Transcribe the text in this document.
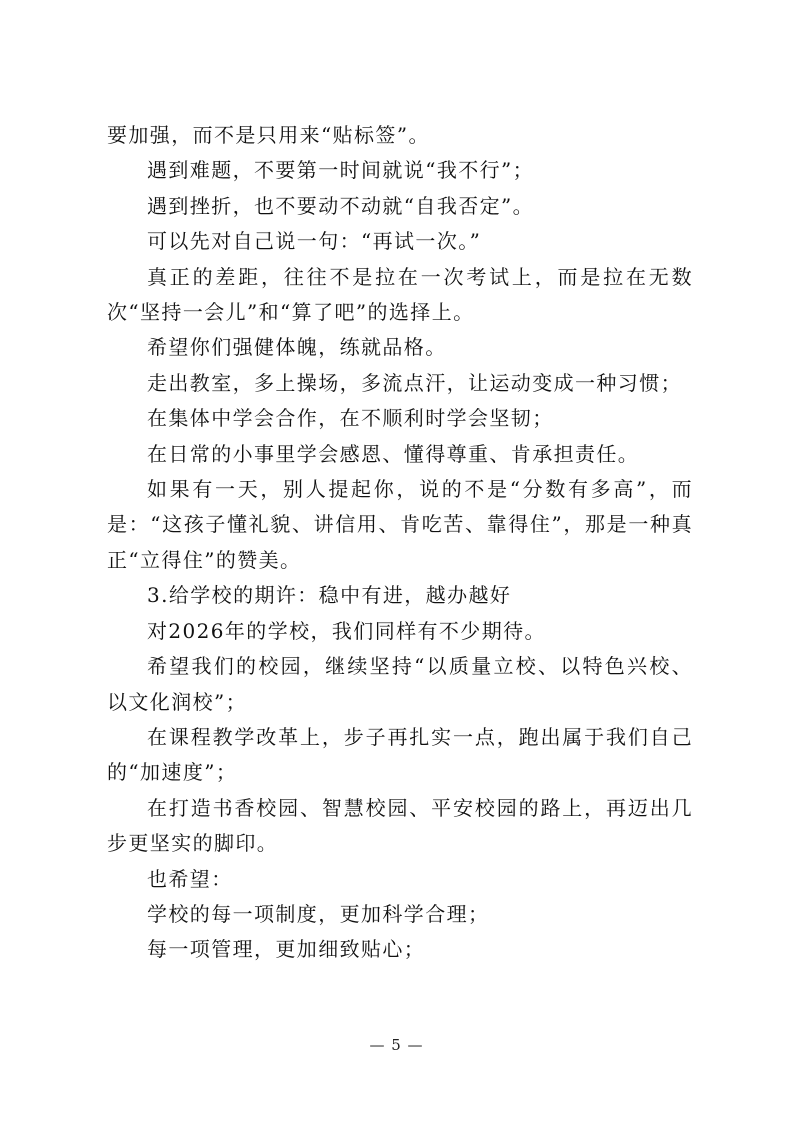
要加强，而不是只用来“贴标签”。

遇到难题，不要第一时间就说“我不行”；

遇到挫折，也不要动不动就“自我否定”。

可以先对自己说一句：“再试一次。”

真正的差距，往往不是拉在一次考试上，而是拉在无数次“坚持一会儿”和“算了吧”的选择上。

希望你们强健体魄，练就品格。

走出教室，多上操场，多流点汗，让运动变成一种习惯；

在集体中学会合作，在不顺利时学会坚韧；

在日常的小事里学会感恩、懂得尊重、肯承担责任。

如果有一天，别人提起你，说的不是“分数有多高”，而是：“这孩子懂礼貌、讲信用、肯吃苦、靠得住”，那是一种真正“立得住”的赞美。

3.给学校的期许：稳中有进，越办越好

对2026年的学校，我们同样有不少期待。

希望我们的校园，继续坚持“以质量立校、以特色兴校、以文化润校”；

在课程教学改革上，步子再扎实一点，跑出属于我们自己的“加速度”；

在打造书香校园、智慧校园、平安校园的路上，再迈出几步更坚实的脚印。

也希望：

学校的每一项制度，更加科学合理；

每一项管理，更加细致贴心；

— 5 —
